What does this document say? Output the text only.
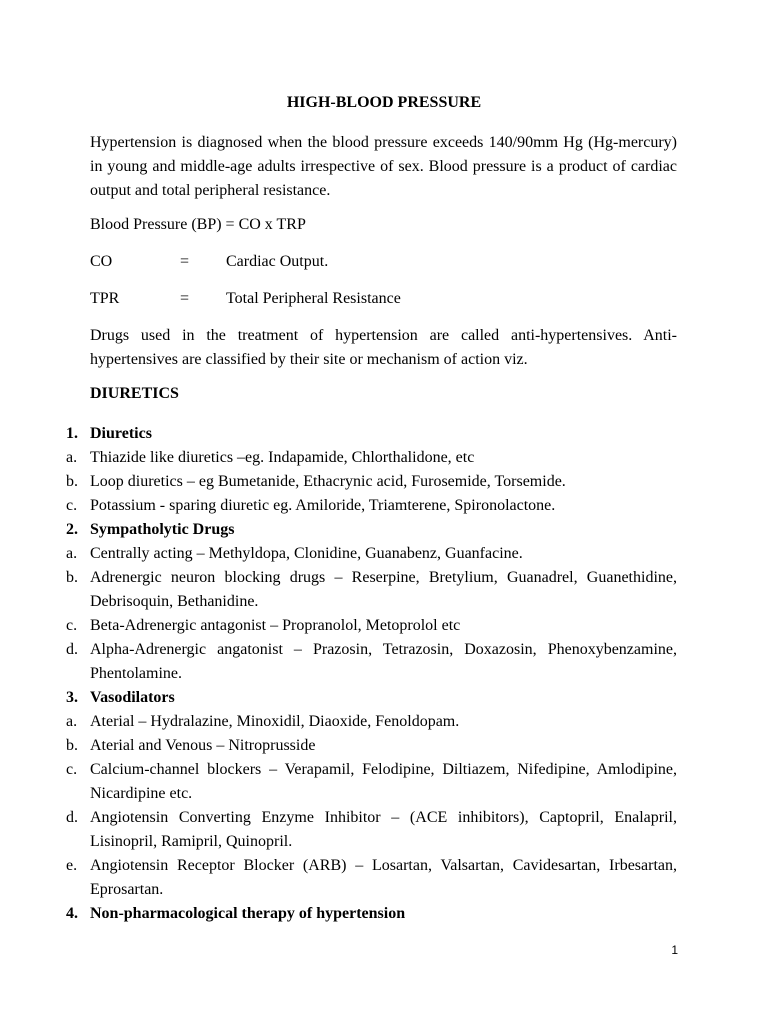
HIGH-BLOOD PRESSURE
Hypertension is diagnosed when the blood pressure exceeds 140/90mm Hg (Hg-mercury) in young and middle-age adults irrespective of sex. Blood pressure is a product of cardiac output and total peripheral resistance.
Blood Pressure (BP) = CO x TRP
CO	= Cardiac Output.
TPR	= Total Peripheral Resistance
Drugs used in the treatment of hypertension are called anti-hypertensives. Anti-hypertensives are classified by their site or mechanism of action viz.
DIURETICS
1. Diuretics
a. Thiazide like diuretics –eg. Indapamide, Chlorthalidone, etc
b. Loop diuretics – eg Bumetanide, Ethacrynic acid, Furosemide, Torsemide.
c. Potassium - sparing diuretic eg. Amiloride, Triamterene, Spironolactone.
2. Sympatholytic Drugs
a. Centrally acting – Methyldopa, Clonidine, Guanabenz, Guanfacine.
b. Adrenergic neuron blocking drugs – Reserpine, Bretylium, Guanadrel, Guanethidine, Debrisoquin, Bethanidine.
c. Beta-Adrenergic antagonist – Propranolol, Metoprolol etc
d. Alpha-Adrenergic angatonist – Prazosin, Tetrazosin, Doxazosin, Phenoxybenzamine, Phentolamine.
3. Vasodilators
a. Aterial – Hydralazine, Minoxidil, Diaoxide, Fenoldopam.
b. Aterial and Venous – Nitroprusside
c. Calcium-channel blockers – Verapamil, Felodipine, Diltiazem, Nifedipine, Amlodipine, Nicardipine etc.
d. Angiotensin Converting Enzyme Inhibitor – (ACE inhibitors), Captopril, Enalapril, Lisinopril, Ramipril, Quinopril.
e. Angiotensin Receptor Blocker (ARB) – Losartan, Valsartan, Cavidesartan, Irbesartan, Eprosartan.
4. Non-pharmacological therapy of hypertension
1
